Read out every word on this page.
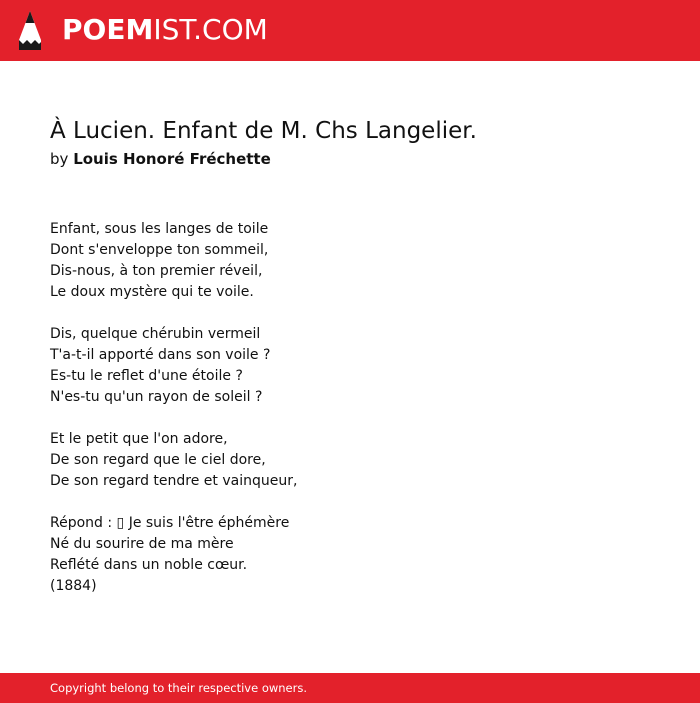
POEMIST.COM
À Lucien. Enfant de M. Chs Langelier.
by Louis Honoré Fréchette
Enfant, sous les langes de toile
Dont s'enveloppe ton sommeil,
Dis-nous, à ton premier réveil,
Le doux mystère qui te voile.
Dis, quelque chérubin vermeil
T'a-t-il apporté dans son voile ?
Es-tu le reflet d'une étoile ?
N'es-tu qu'un rayon de soleil ?
Et le petit que l'on adore,
De son regard que le ciel dore,
De son regard tendre et vainqueur,
Répond : ▯ Je suis l'être éphémère
Né du sourire de ma mère
Reflété dans un noble cœur.
(1884)
Copyright belong to their respective owners.
